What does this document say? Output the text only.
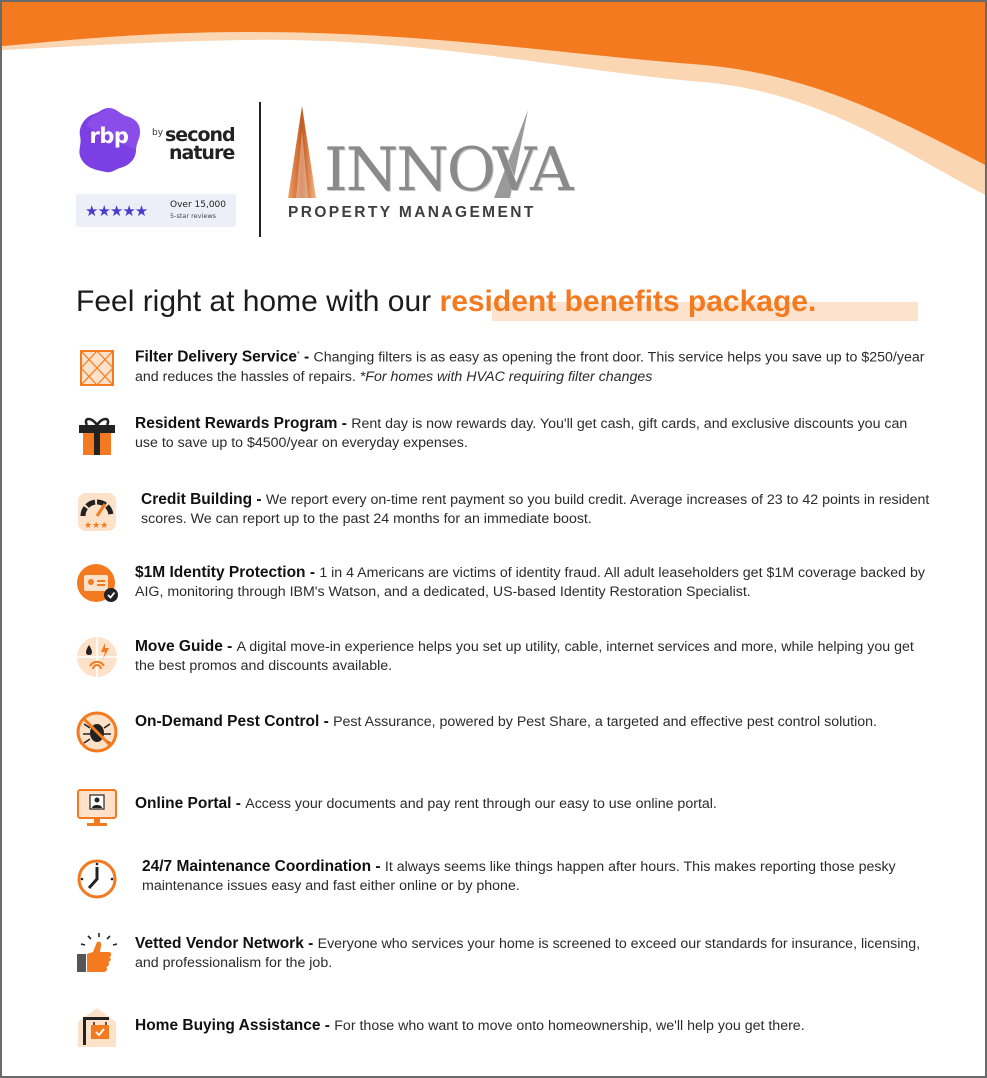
rbp	by second
nature
★★★★★	Over 15,000
5-star reviews
INNOVA
PROPERTY MANAGEMENT
Feel right at home with our resident benefits package.
Filter Delivery Service* - Changing filters is as easy as opening the front door. This service helps you save up to $250/year and reduces the hassles of repairs. *For homes with HVAC requiring filter changes
Resident Rewards Program - Rent day is now rewards day. You'll get cash, gift cards, and exclusive discounts you can use to save up to $4500/year on everyday expenses.
★★★
Credit Building - We report every on-time rent payment so you build credit. Average increases of 23 to 42 points in resident scores. We can report up to the past 24 months for an immediate boost.
$1M Identity Protection - 1 in 4 Americans are victims of identity fraud. All adult leaseholders get $1M coverage backed by AIG, monitoring through IBM's Watson, and a dedicated, US-based Identity Restoration Specialist.
Move Guide - A digital move-in experience helps you set up utility, cable, internet services and more, while helping you get the best promos and discounts available.
On-Demand Pest Control - Pest Assurance, powered by Pest Share, a targeted and effective pest control solution.
Online Portal - Access your documents and pay rent through our easy to use online portal.
24/7 Maintenance Coordination - It always seems like things happen after hours. This makes reporting those pesky maintenance issues easy and fast either online or by phone.
Vetted Vendor Network - Everyone who services your home is screened to exceed our standards for insurance, licensing, and professionalism for the job.
Home Buying Assistance - For those who want to move onto homeownership, we'll help you get there.
